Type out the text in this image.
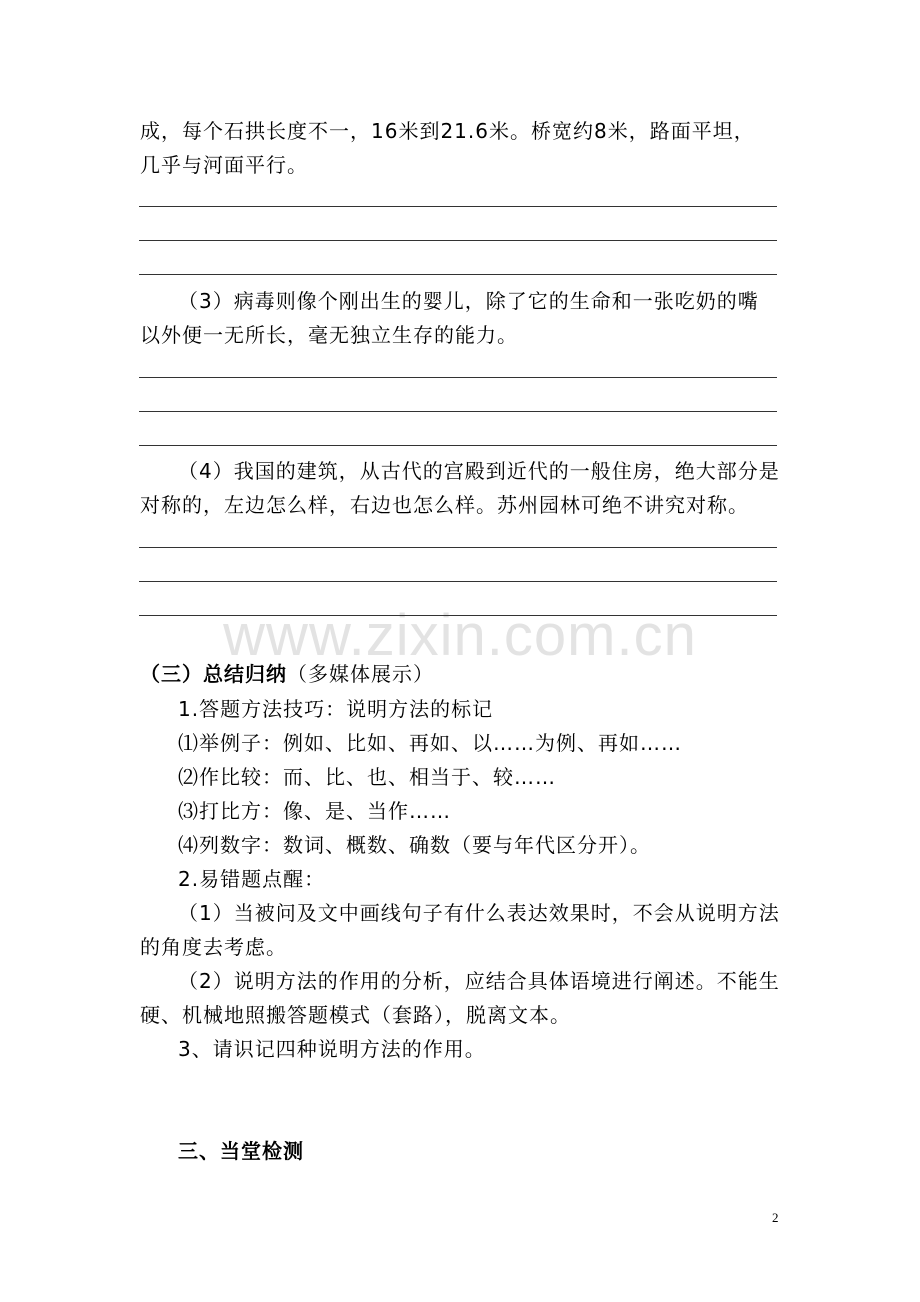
www.zixin.com.cn
成，每个石拱长度不一，16米到21.6米。桥宽约8米，路面平坦，
几乎与河面平行。
（3）病毒则像个刚出生的婴儿，除了它的生命和一张吃奶的嘴
以外便一无所长，毫无独立生存的能力。
（4）我国的建筑，从古代的宫殿到近代的一般住房，绝大部分是
对称的，左边怎么样，右边也怎么样。苏州园林可绝不讲究对称。
（三）总结归纳（多媒体展示）
1.答题方法技巧：说明方法的标记
⑴举例子：例如、比如、再如、以……为例、再如……
⑵作比较：而、比、也、相当于、较……
⑶打比方：像、是、当作……
⑷列数字：数词、概数、确数（要与年代区分开）。
2.易错题点醒：
（1）当被问及文中画线句子有什么表达效果时，不会从说明方法
的角度去考虑。
（2）说明方法的作用的分析，应结合具体语境进行阐述。不能生
硬、机械地照搬答题模式（套路），脱离文本。
3、请识记四种说明方法的作用。
三、当堂检测
2
